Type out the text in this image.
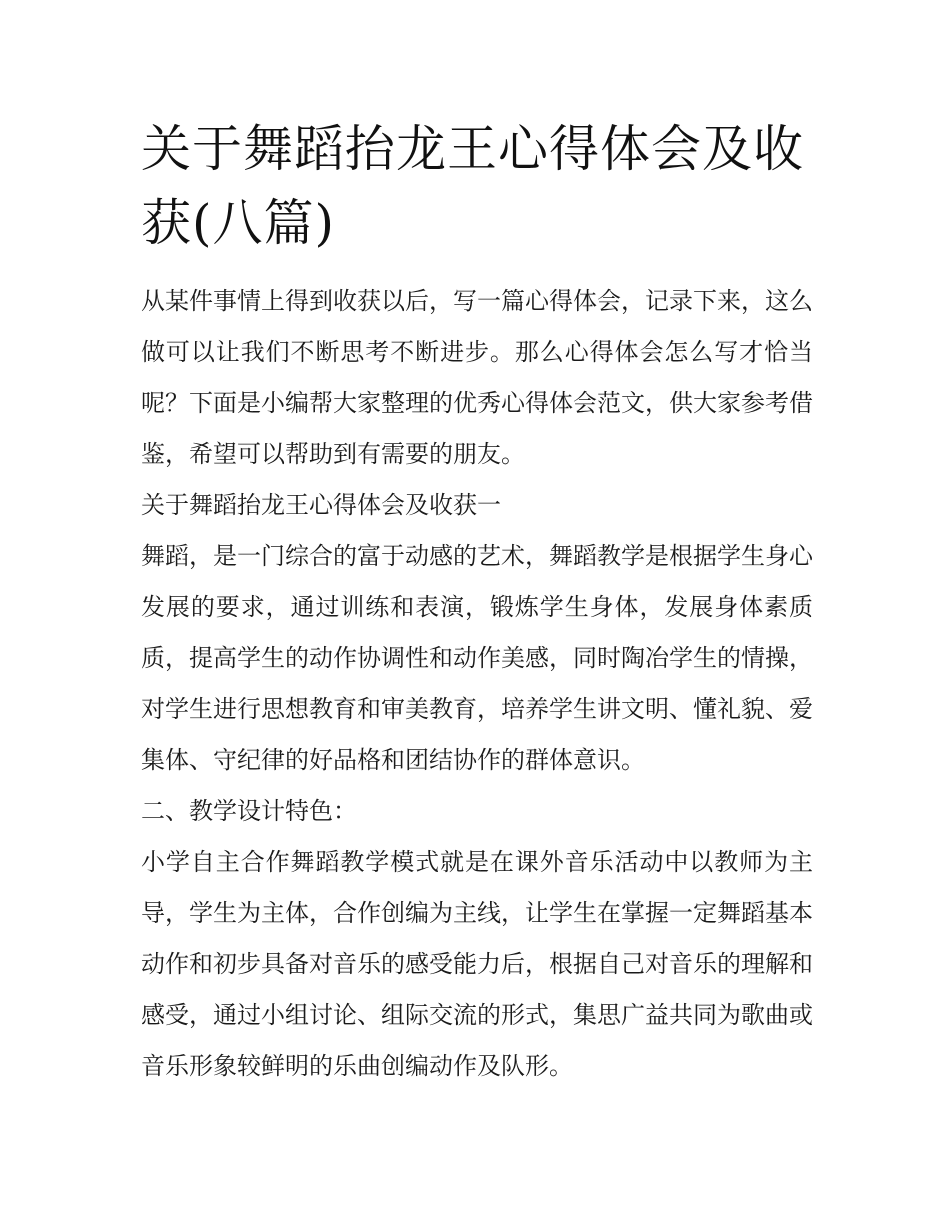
关于舞蹈抬龙王心得体会及收获(八篇)

从某件事情上得到收获以后，写一篇心得体会，记录下来，这么做可以让我们不断思考不断进步。那么心得体会怎么写才恰当呢？下面是小编帮大家整理的优秀心得体会范文，供大家参考借鉴，希望可以帮助到有需要的朋友。

关于舞蹈抬龙王心得体会及收获一

舞蹈，是一门综合的富于动感的艺术，舞蹈教学是根据学生身心发展的要求，通过训练和表演，锻炼学生身体，发展身体素质质，提高学生的动作协调性和动作美感，同时陶冶学生的情操，对学生进行思想教育和审美教育，培养学生讲文明、懂礼貌、爱集体、守纪律的好品格和团结协作的群体意识。

二、教学设计特色：

小学自主合作舞蹈教学模式就是在课外音乐活动中以教师为主导，学生为主体，合作创编为主线，让学生在掌握一定舞蹈基本动作和初步具备对音乐的感受能力后，根据自己对音乐的理解和感受，通过小组讨论、组际交流的形式，集思广益共同为歌曲或音乐形象较鲜明的乐曲创编动作及队形。
